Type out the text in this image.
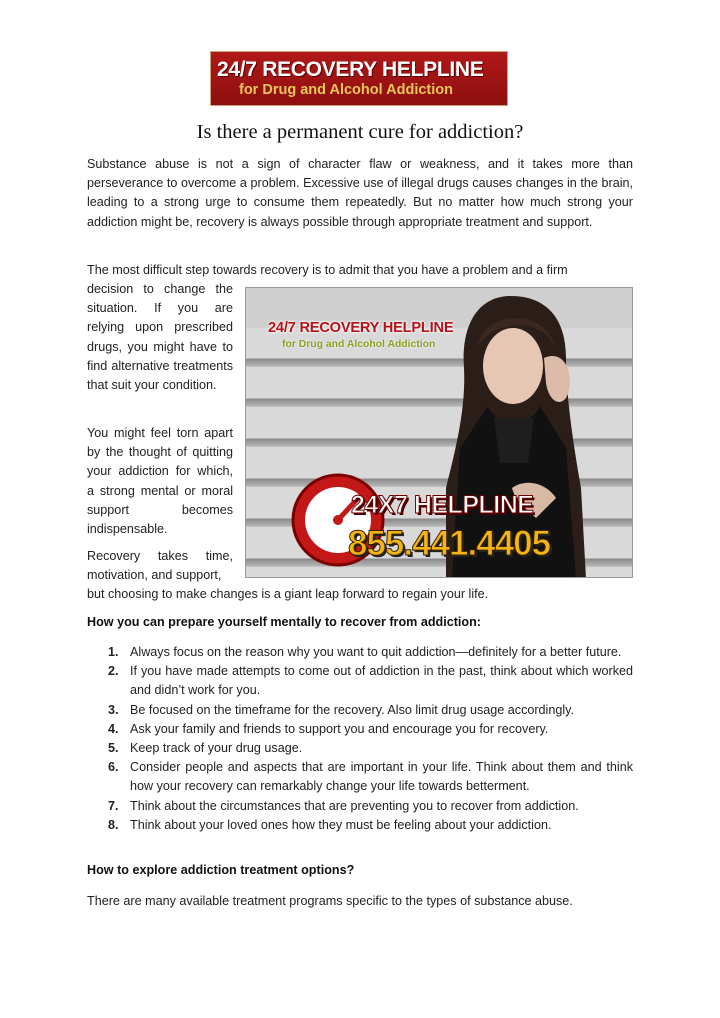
24/7 RECOVERY HELPLINE
for Drug and Alcohol Addiction
Is there a permanent cure for addiction?

Substance abuse is not a sign of character flaw or weakness, and it takes more than perseverance to overcome a problem. Excessive use of illegal drugs causes changes in the brain, leading to a strong urge to consume them repeatedly. But no matter how much strong your addiction might be, recovery is always possible through appropriate treatment and support.

The most difficult step towards recovery is to admit that you have a problem and a firm

decision to change the situation. If you are relying upon prescribed drugs, you might have to find alternative treatments that suit your condition.

You might feel torn apart by the thought of quitting your addiction for which, a strong mental or moral support becomes indispensable.

Recovery takes time, motivation, and support,

but choosing to make changes is a giant leap forward to regain your life.

24/7 RECOVERY HELPLINE
for Drug and Alcohol Addiction
24X7 HELPLINE
855.441.4405
How you can prepare yourself mentally to recover from addiction:
1. Always focus on the reason why you want to quit addiction—definitely for a better future.
2. If you have made attempts to come out of addiction in the past, think about which worked and didn’t work for you.
3. Be focused on the timeframe for the recovery. Also limit drug usage accordingly.
4. Ask your family and friends to support you and encourage you for recovery.
5. Keep track of your drug usage.
6. Consider people and aspects that are important in your life. Think about them and think how your recovery can remarkably change your life towards betterment.
7. Think about the circumstances that are preventing you to recover from addiction.
8. Think about your loved ones how they must be feeling about your addiction.
How to explore addiction treatment options?

There are many available treatment programs specific to the types of substance abuse.
